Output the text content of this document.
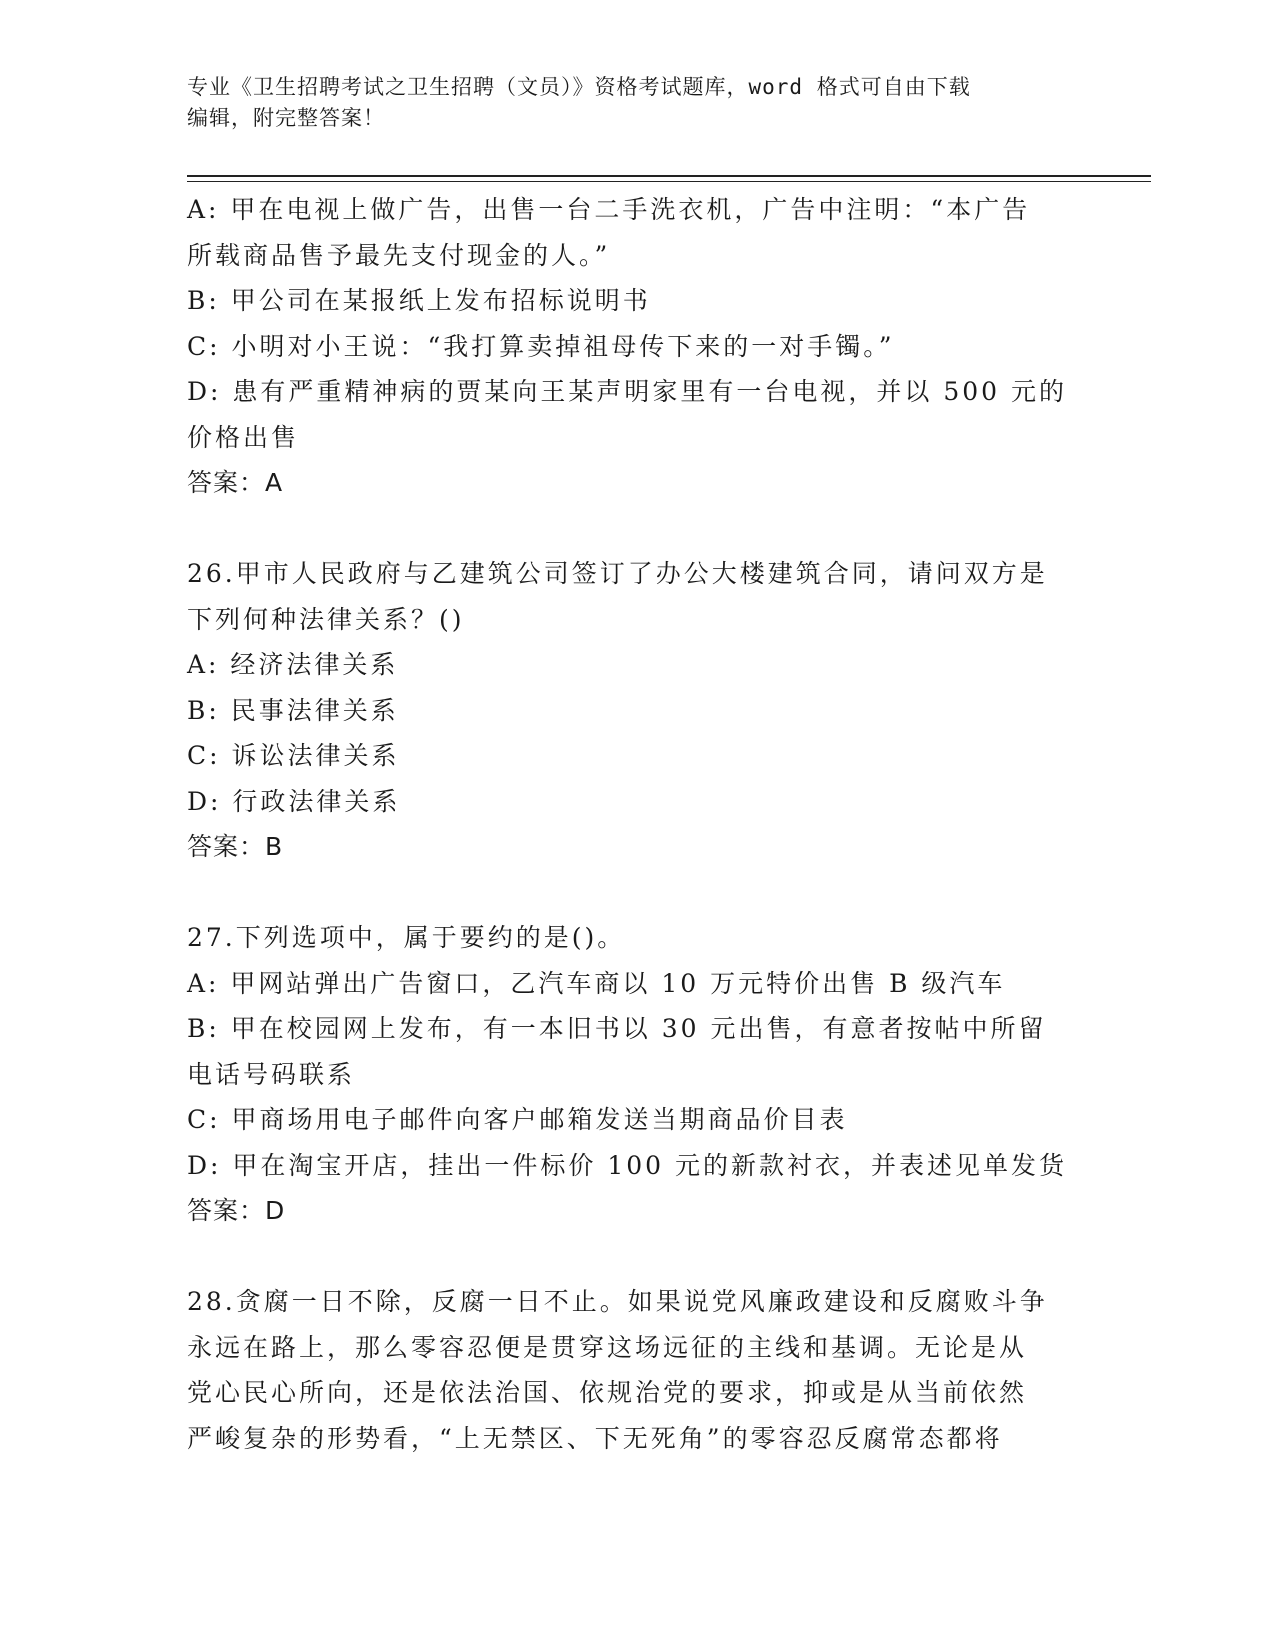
专业《卫生招聘考试之卫生招聘（文员）》资格考试题库，word 格式可自由下载
编辑，附完整答案！
A: 甲在电视上做广告，出售一台二手洗衣机，广告中注明：“本广告
所载商品售予最先支付现金的人。”
B: 甲公司在某报纸上发布招标说明书
C: 小明对小王说：“我打算卖掉祖母传下来的一对手镯。”
D: 患有严重精神病的贾某向王某声明家里有一台电视，并以 500 元的
价格出售
答案：A
26.甲市人民政府与乙建筑公司签订了办公大楼建筑合同，请问双方是
下列何种法律关系？()
A: 经济法律关系
B: 民事法律关系
C: 诉讼法律关系
D: 行政法律关系
答案：B
27.下列选项中，属于要约的是()。
A: 甲网站弹出广告窗口，乙汽车商以 10 万元特价出售 B 级汽车
B: 甲在校园网上发布，有一本旧书以 30 元出售，有意者按帖中所留
电话号码联系
C: 甲商场用电子邮件向客户邮箱发送当期商品价目表
D: 甲在淘宝开店，挂出一件标价 100 元的新款衬衣，并表述见单发货
答案：D
28.贪腐一日不除，反腐一日不止。如果说党风廉政建设和反腐败斗争
永远在路上，那么零容忍便是贯穿这场远征的主线和基调。无论是从
党心民心所向，还是依法治国、依规治党的要求，抑或是从当前依然
严峻复杂的形势看，“上无禁区、下无死角”的零容忍反腐常态都将
